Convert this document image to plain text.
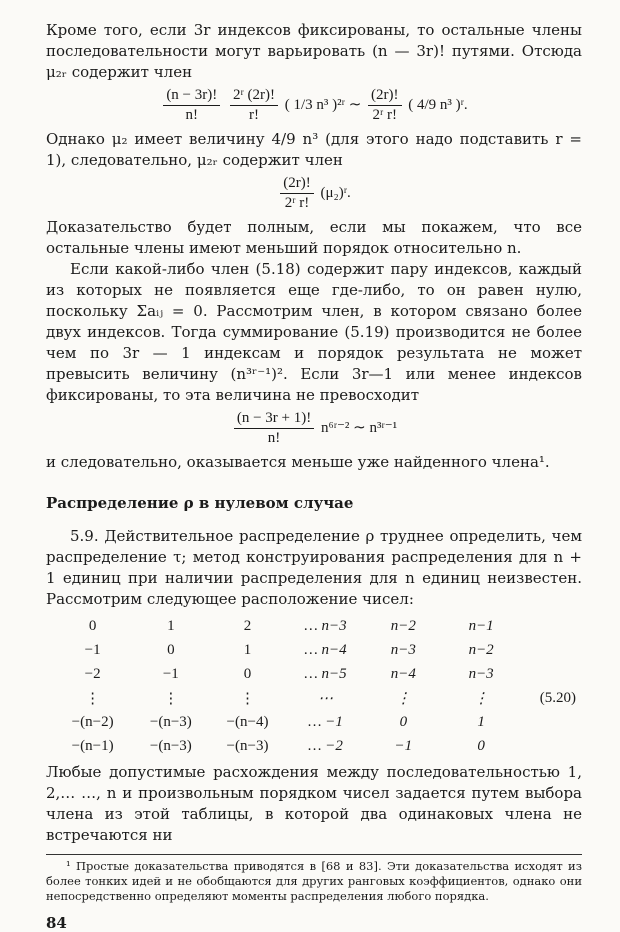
Кроме того, если 3r индексов фиксированы, то остальные члены последовательности могут варьировать (n — 3r)! путями. Отсюда μ₂ᵣ содержит член

$\frac{(n - 3r)!}{n!}$
$\frac{\text{2ʳ (2r)!}}{r!}$ ( 1/3 n³ )²ʳ ∼ $\frac{(2r)!}{\text{2ʳ r!}}$ ( 4/9 n³ )ʳ.

Однако μ₂ имеет величину 4/9 n³ (для этого надо подставить r = 1), следовательно, μ₂ᵣ содержит член

$\frac{(2r)!}{\text{2ʳ r!}}$ (μ₂)ʳ.

Доказательство будет полным, если мы покажем, что все остальные члены имеют меньший порядок относительно n.

Если какой-либо член (5.18) содержит пару индексов, каждый из которых не появляется еще где-либо, то он равен нулю, поскольку Σaᵢⱼ = 0. Рассмотрим член, в котором связано более двух индексов. Тогда суммирование (5.19) производится не более чем по 3r — 1 индексам и порядок результата не может превысить величину (n³ʳ⁻¹)². Если 3r—1 или менее индексов фиксированы, то эта величина не превосходит

$\frac{(n - 3r + 1)!}{n!}$ n⁶ʳ⁻² ∼ n³ʳ⁻¹

и следовательно, оказывается меньше уже найденного члена¹.

Распределение ρ в нулевом случае

5.9. Действительное распределение ρ труднее определить, чем распределение τ; метод конструирования распределения для n + 1 единиц при наличии распределения для n единиц неизвестен. Рассмотрим следующее расположение чисел:

0	1	2	… n−3	n−2	n−1	
−1	0	1	… n−4	n−3	n−2	
−2	−1	0	… n−5	n−4	n−3	
⋮	⋮	⋮	⋯	⋮	⋮	(5.20)
−(n−2)	−(n−3)	−(n−4)	… −1	0	1	
−(n−1)	−(n−3)	−(n−3)	… −2	−1	0	

Любые допустимые расхождения между последовательностью 1, 2,… …, n и произвольным порядком чисел задается путем выбора члена из этой таблицы, в которой два одинаковых члена не встречаются ни

¹ Простые доказательства приводятся в [68 и 83]. Эти доказательства исходят из более тонких идей и не обобщаются для других ранговых коэффициентов, однако они непосредственно определяют моменты распределения любого порядка.

84
